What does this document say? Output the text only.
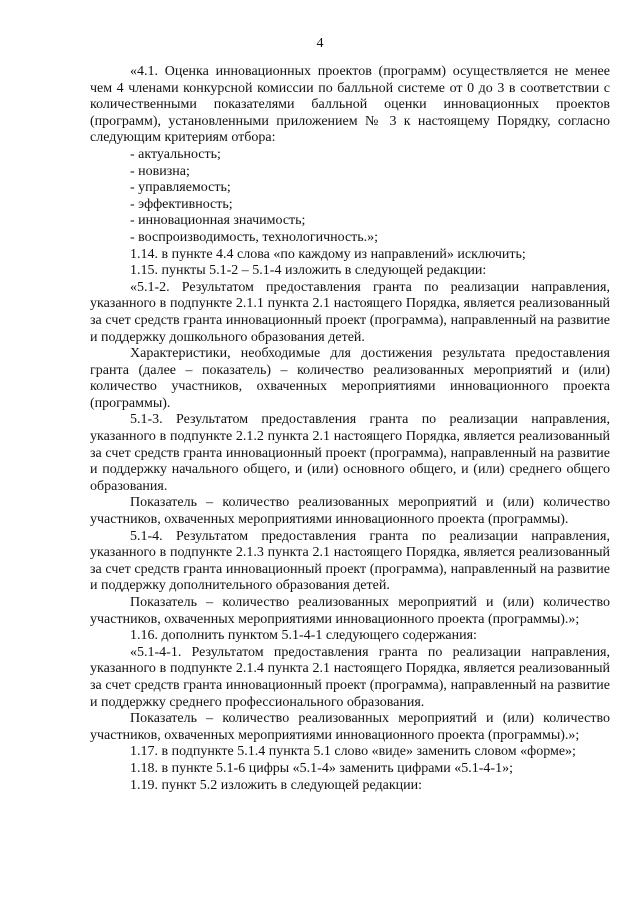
4

«4.1. Оценка инновационных проектов (программ) осуществляется не менее чем 4 членами конкурсной комиссии по балльной системе от 0 до 3 в соответствии с количественными показателями балльной оценки инновационных проектов (программ), установленными приложением № 3 к настоящему Порядку, согласно следующим критериям отбора:

- актуальность;
- новизна;
- управляемость;
- эффективность;
- инновационная значимость;
- воспроизводимость, технологичность.»;

1.14. в пункте 4.4 слова «по каждому из направлений» исключить;

1.15. пункты 5.1-2 – 5.1-4 изложить в следующей редакции:

«5.1-2. Результатом предоставления гранта по реализации направления, указанного в подпункте 2.1.1 пункта 2.1 настоящего Порядка, является реализованный за счет средств гранта инновационный проект (программа), направленный на развитие и поддержку дошкольного образования детей.

Характеристики, необходимые для достижения результата предоставления гранта (далее – показатель) – количество реализованных мероприятий и (или) количество участников, охваченных мероприятиями инновационного проекта (программы).

5.1-3. Результатом предоставления гранта по реализации направления, указанного в подпункте 2.1.2 пункта 2.1 настоящего Порядка, является реализованный за счет средств гранта инновационный проект (программа), направленный на развитие и поддержку начального общего, и (или) основного общего, и (или) среднего общего образования.

Показатель – количество реализованных мероприятий и (или) количество участников, охваченных мероприятиями инновационного проекта (программы).

5.1-4. Результатом предоставления гранта по реализации направления, указанного в подпункте 2.1.3 пункта 2.1 настоящего Порядка, является реализованный за счет средств гранта инновационный проект (программа), направленный на развитие и поддержку дополнительного образования детей.

Показатель – количество реализованных мероприятий и (или) количество участников, охваченных мероприятиями инновационного проекта (программы).»;

1.16. дополнить пунктом 5.1-4-1 следующего содержания:

«5.1-4-1. Результатом предоставления гранта по реализации направления, указанного в подпункте 2.1.4 пункта 2.1 настоящего Порядка, является реализованный за счет средств гранта инновационный проект (программа), направленный на развитие и поддержку среднего профессионального образования.

Показатель – количество реализованных мероприятий и (или) количество участников, охваченных мероприятиями инновационного проекта (программы).»;

1.17. в подпункте 5.1.4 пункта 5.1 слово «виде» заменить словом «форме»;

1.18. в пункте 5.1-6 цифры «5.1-4» заменить цифрами «5.1-4-1»;

1.19. пункт 5.2 изложить в следующей редакции:
